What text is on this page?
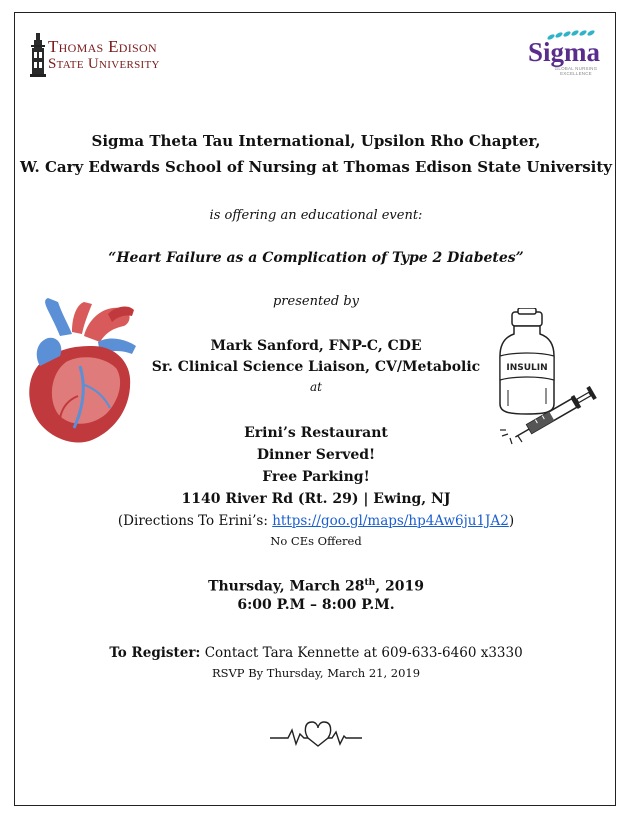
Thomas Edison
State University	Sigma
GLOBAL NURSING EXCELLENCE
Sigma Theta Tau International, Upsilon Rho Chapter,
W. Cary Edwards School of Nursing at Thomas Edison State University
is offering an educational event:
“Heart Failure as a Complication of Type 2 Diabetes”
presented by
Mark Sanford, FNP-C, CDE
Sr. Clinical Science Liaison, CV/Metabolic
at
Erini’s Restaurant
Dinner Served!
Free Parking!
1140 River Rd (Rt. 29) | Ewing, NJ
(Directions To Erini’s: https://goo.gl/maps/hp4Aw6ju1JA2)
No CEs Offered
Thursday, March 28th, 2019
6:00 P.M – 8:00 P.M.
To Register: Contact Tara Kennette at 609-633-6460 x3330
RSVP By Thursday, March 21, 2019
INSULIN
